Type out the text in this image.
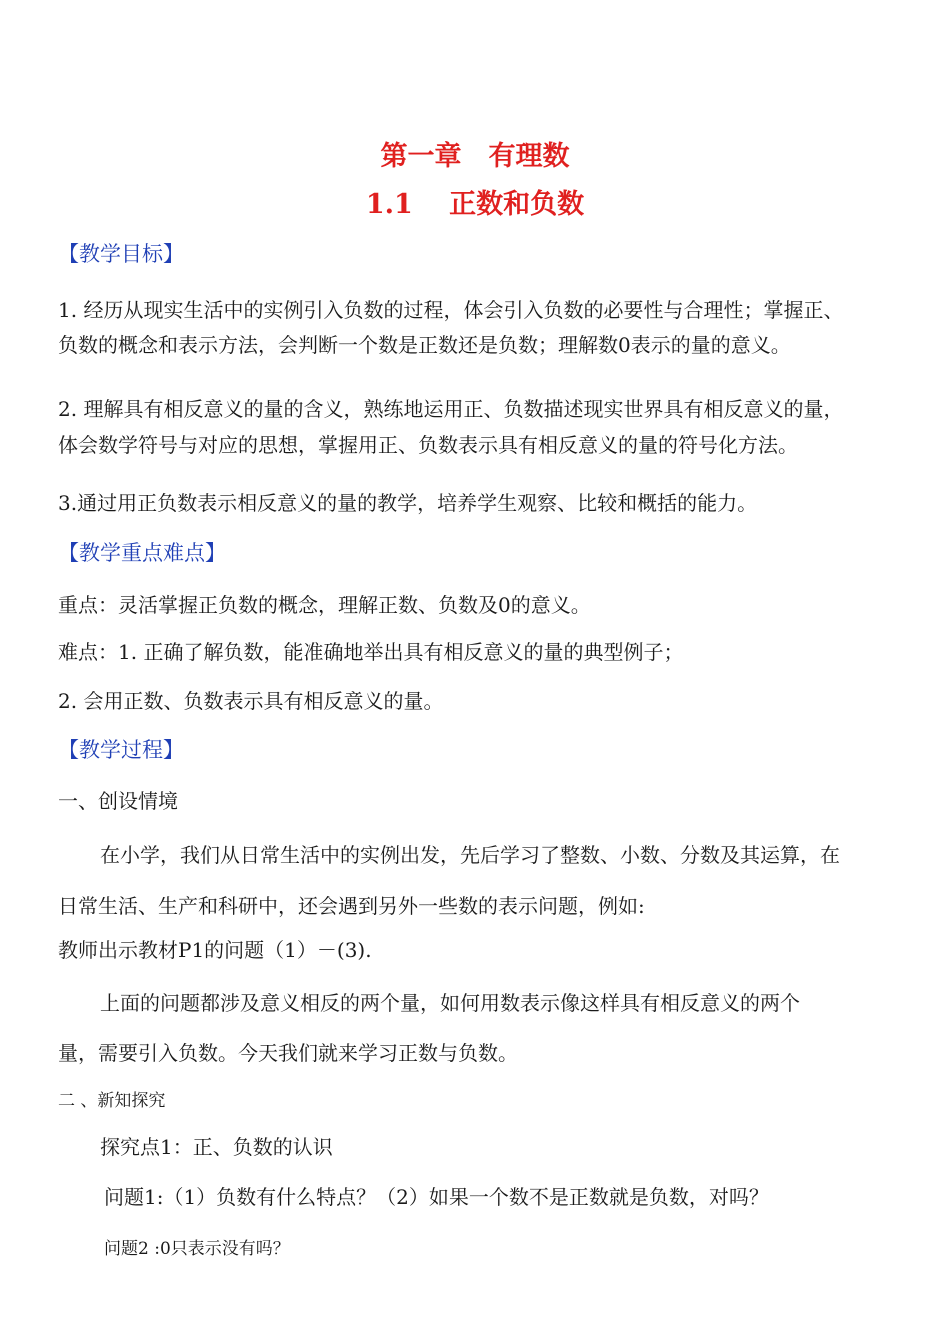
第一章　有理数
1.1　 正数和负数
【教学目标】
1. 经历从现实生活中的实例引入负数的过程，体会引入负数的必要性与合理性；掌握正、
负数的概念和表示方法，会判断一个数是正数还是负数；理解数0表示的量的意义。
2. 理解具有相反意义的量的含义，熟练地运用正、负数描述现实世界具有相反意义的量，
体会数学符号与对应的思想，掌握用正、负数表示具有相反意义的量的符号化方法。
3.通过用正负数表示相反意义的量的教学，培养学生观察、比较和概括的能力。
【教学重点难点】
重点：灵活掌握正负数的概念，理解正数、负数及0的意义。
难点：1. 正确了解负数，能准确地举出具有相反意义的量的典型例子；
2. 会用正数、负数表示具有相反意义的量。
【教学过程】
一、创设情境
在小学，我们从日常生活中的实例出发，先后学习了整数、小数、分数及其运算，在
日常生活、生产和科研中，还会遇到另外一些数的表示问题，例如:
教师出示教材P1的问题（1）－(3).
上面的问题都涉及意义相反的两个量，如何用数表示像这样具有相反意义的两个
量，需要引入负数。今天我们就来学习正数与负数。
二 、新知探究
探究点1：正、负数的认识
问题1:（1）负数有什么特点？（2）如果一个数不是正数就是负数，对吗？
问题2 :0只表示没有吗？
